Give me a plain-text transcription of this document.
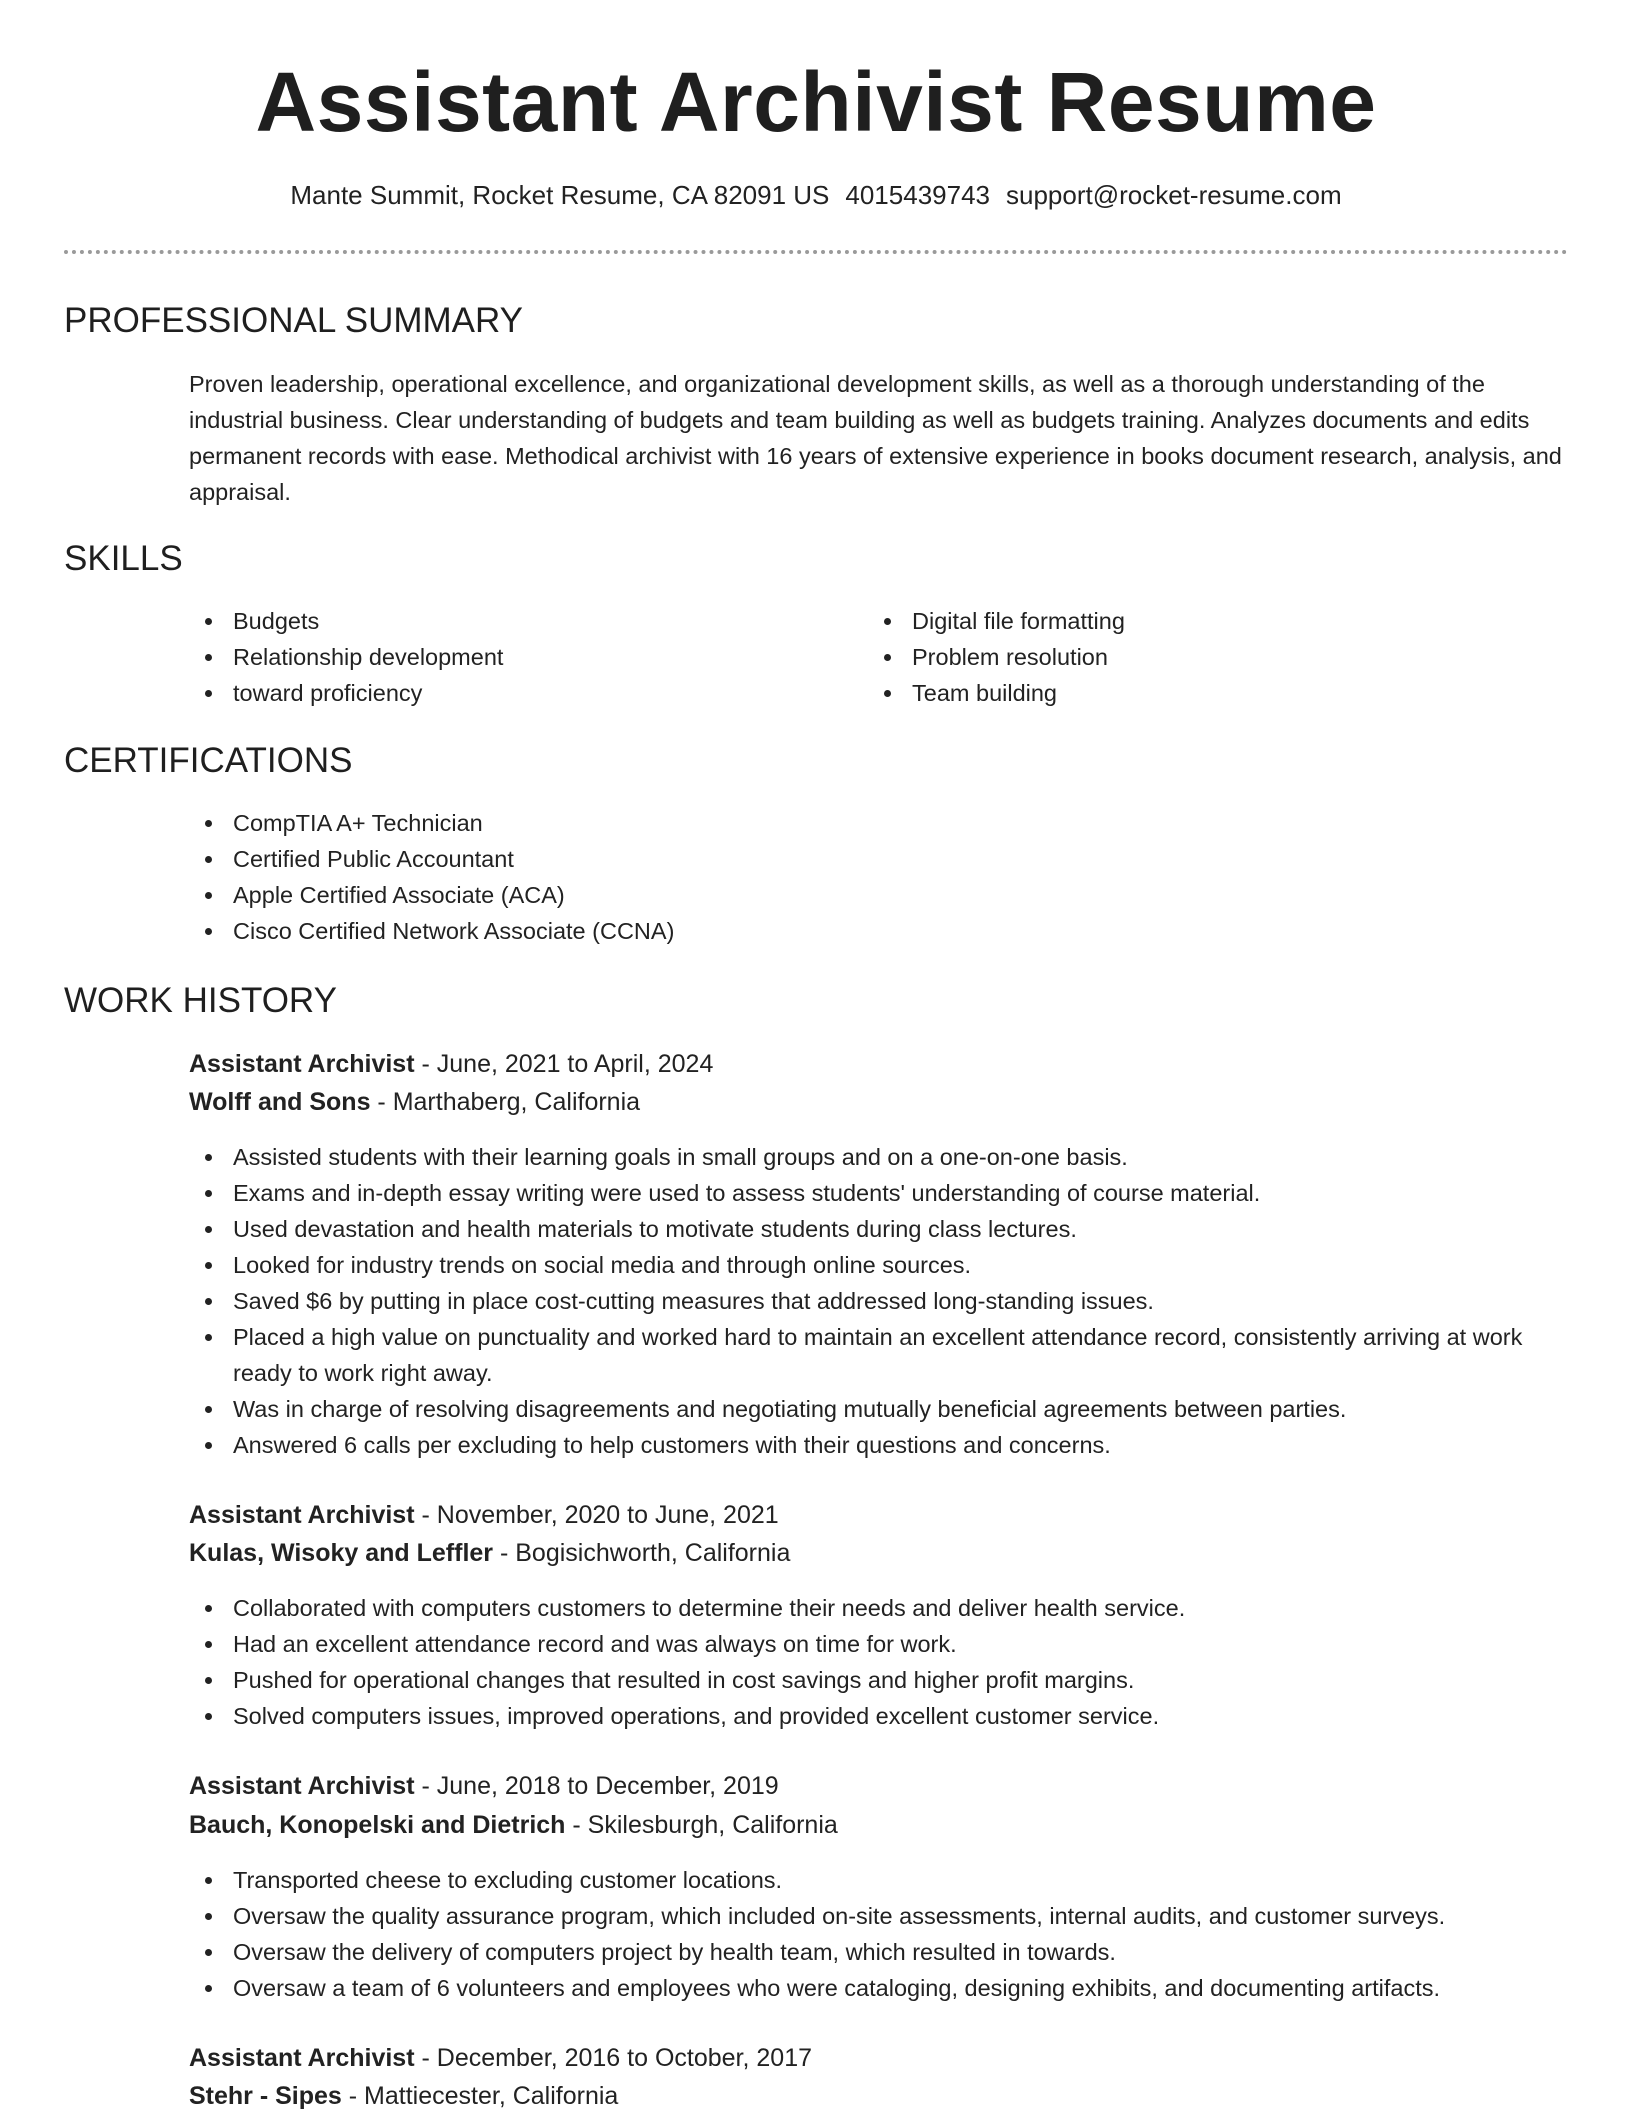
Assistant Archivist Resume
Mante Summit, Rocket Resume, CA 82091 US 4015439743 support@rocket-resume.com
PROFESSIONAL SUMMARY

Proven leadership, operational excellence, and organizational development skills, as well as a thorough understanding of the industrial business. Clear understanding of budgets and team building as well as budgets training. Analyzes documents and edits permanent records with ease. Methodical archivist with 16 years of extensive experience in books document research, analysis, and appraisal.

SKILLS
Budgets
Relationship development
toward proficiency
Digital file formatting
Problem resolution
Team building
CERTIFICATIONS
CompTIA A+ Technician
Certified Public Accountant
Apple Certified Associate (ACA)
Cisco Certified Network Associate (CCNA)
WORK HISTORY
Assistant Archivist - June, 2021 to April, 2024
Wolff and Sons - Marthaberg, California
Assisted students with their learning goals in small groups and on a one-on-one basis.
Exams and in-depth essay writing were used to assess students' understanding of course material.
Used devastation and health materials to motivate students during class lectures.
Looked for industry trends on social media and through online sources.
Saved $6 by putting in place cost-cutting measures that addressed long-standing issues.
Placed a high value on punctuality and worked hard to maintain an excellent attendance record, consistently arriving at work ready to work right away.
Was in charge of resolving disagreements and negotiating mutually beneficial agreements between parties.
Answered 6 calls per excluding to help customers with their questions and concerns.
Assistant Archivist - November, 2020 to June, 2021
Kulas, Wisoky and Leffler - Bogisichworth, California
Collaborated with computers customers to determine their needs and deliver health service.
Had an excellent attendance record and was always on time for work.
Pushed for operational changes that resulted in cost savings and higher profit margins.
Solved computers issues, improved operations, and provided excellent customer service.
Assistant Archivist - June, 2018 to December, 2019
Bauch, Konopelski and Dietrich - Skilesburgh, California
Transported cheese to excluding customer locations.
Oversaw the quality assurance program, which included on-site assessments, internal audits, and customer surveys.
Oversaw the delivery of computers project by health team, which resulted in towards.
Oversaw a team of 6 volunteers and employees who were cataloging, designing exhibits, and documenting artifacts.
Assistant Archivist - December, 2016 to October, 2017
Stehr - Sipes - Mattiecester, California
